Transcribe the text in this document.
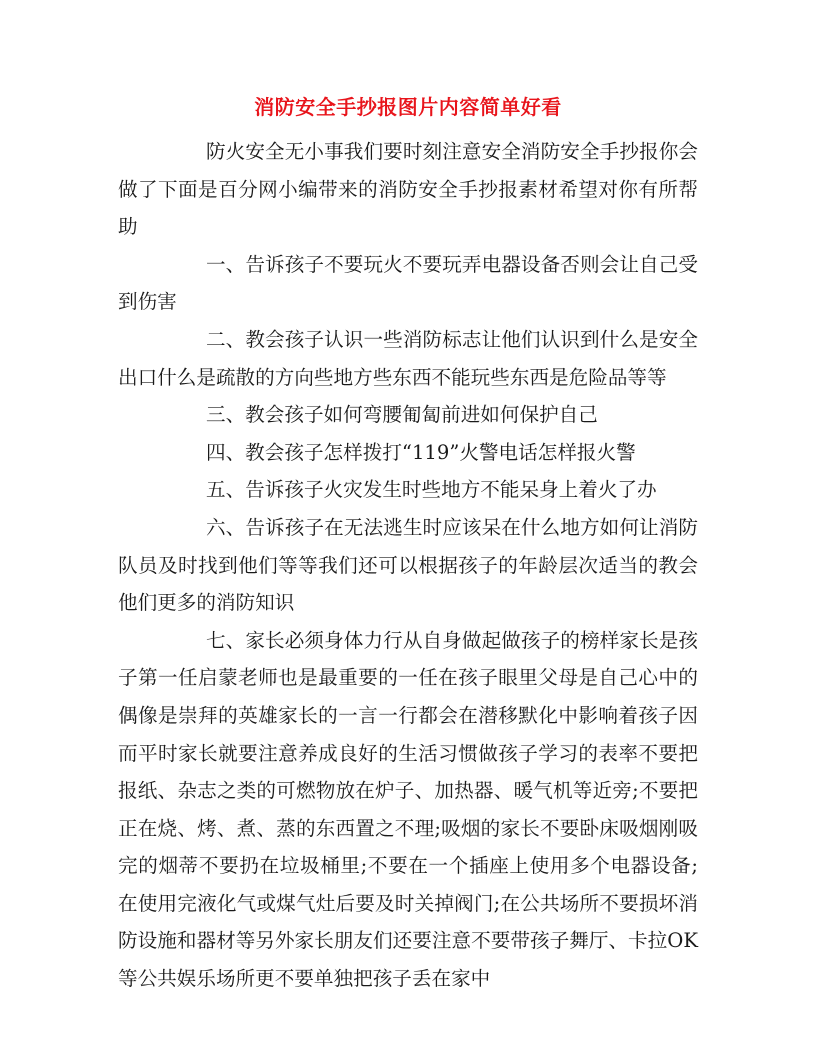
消防安全手抄报图片内容简单好看

防火安全无小事我们要时刻注意安全消防安全手抄报你会做了下面是百分网小编带来的消防安全手抄报素材希望对你有所帮助

一、告诉孩子不要玩火不要玩弄电器设备否则会让自己受到伤害

二、教会孩子认识一些消防标志让他们认识到什么是安全出口什么是疏散的方向些地方些东西不能玩些东西是危险品等等

三、教会孩子如何弯腰匍匐前进如何保护自己

四、教会孩子怎样拨打“119”火警电话怎样报火警

五、告诉孩子火灾发生时些地方不能呆身上着火了办

六、告诉孩子在无法逃生时应该呆在什么地方如何让消防队员及时找到他们等等我们还可以根据孩子的年龄层次适当的教会他们更多的消防知识

七、家长必须身体力行从自身做起做孩子的榜样家长是孩子第一任启蒙老师也是最重要的一任在孩子眼里父母是自己心中的偶像是崇拜的英雄家长的一言一行都会在潜移默化中影响着孩子因而平时家长就要注意养成良好的生活习惯做孩子学习的表率不要把报纸、杂志之类的可燃物放在炉子、加热器、暖气机等近旁;不要把正在烧、烤、煮、蒸的东西置之不理;吸烟的家长不要卧床吸烟刚吸完的烟蒂不要扔在垃圾桶里;不要在一个插座上使用多个电器设备;在使用完液化气或煤气灶后要及时关掉阀门;在公共场所不要损坏消防设施和器材等另外家长朋友们还要注意不要带孩子舞厅、卡拉OK等公共娱乐场所更不要单独把孩子丢在家中
